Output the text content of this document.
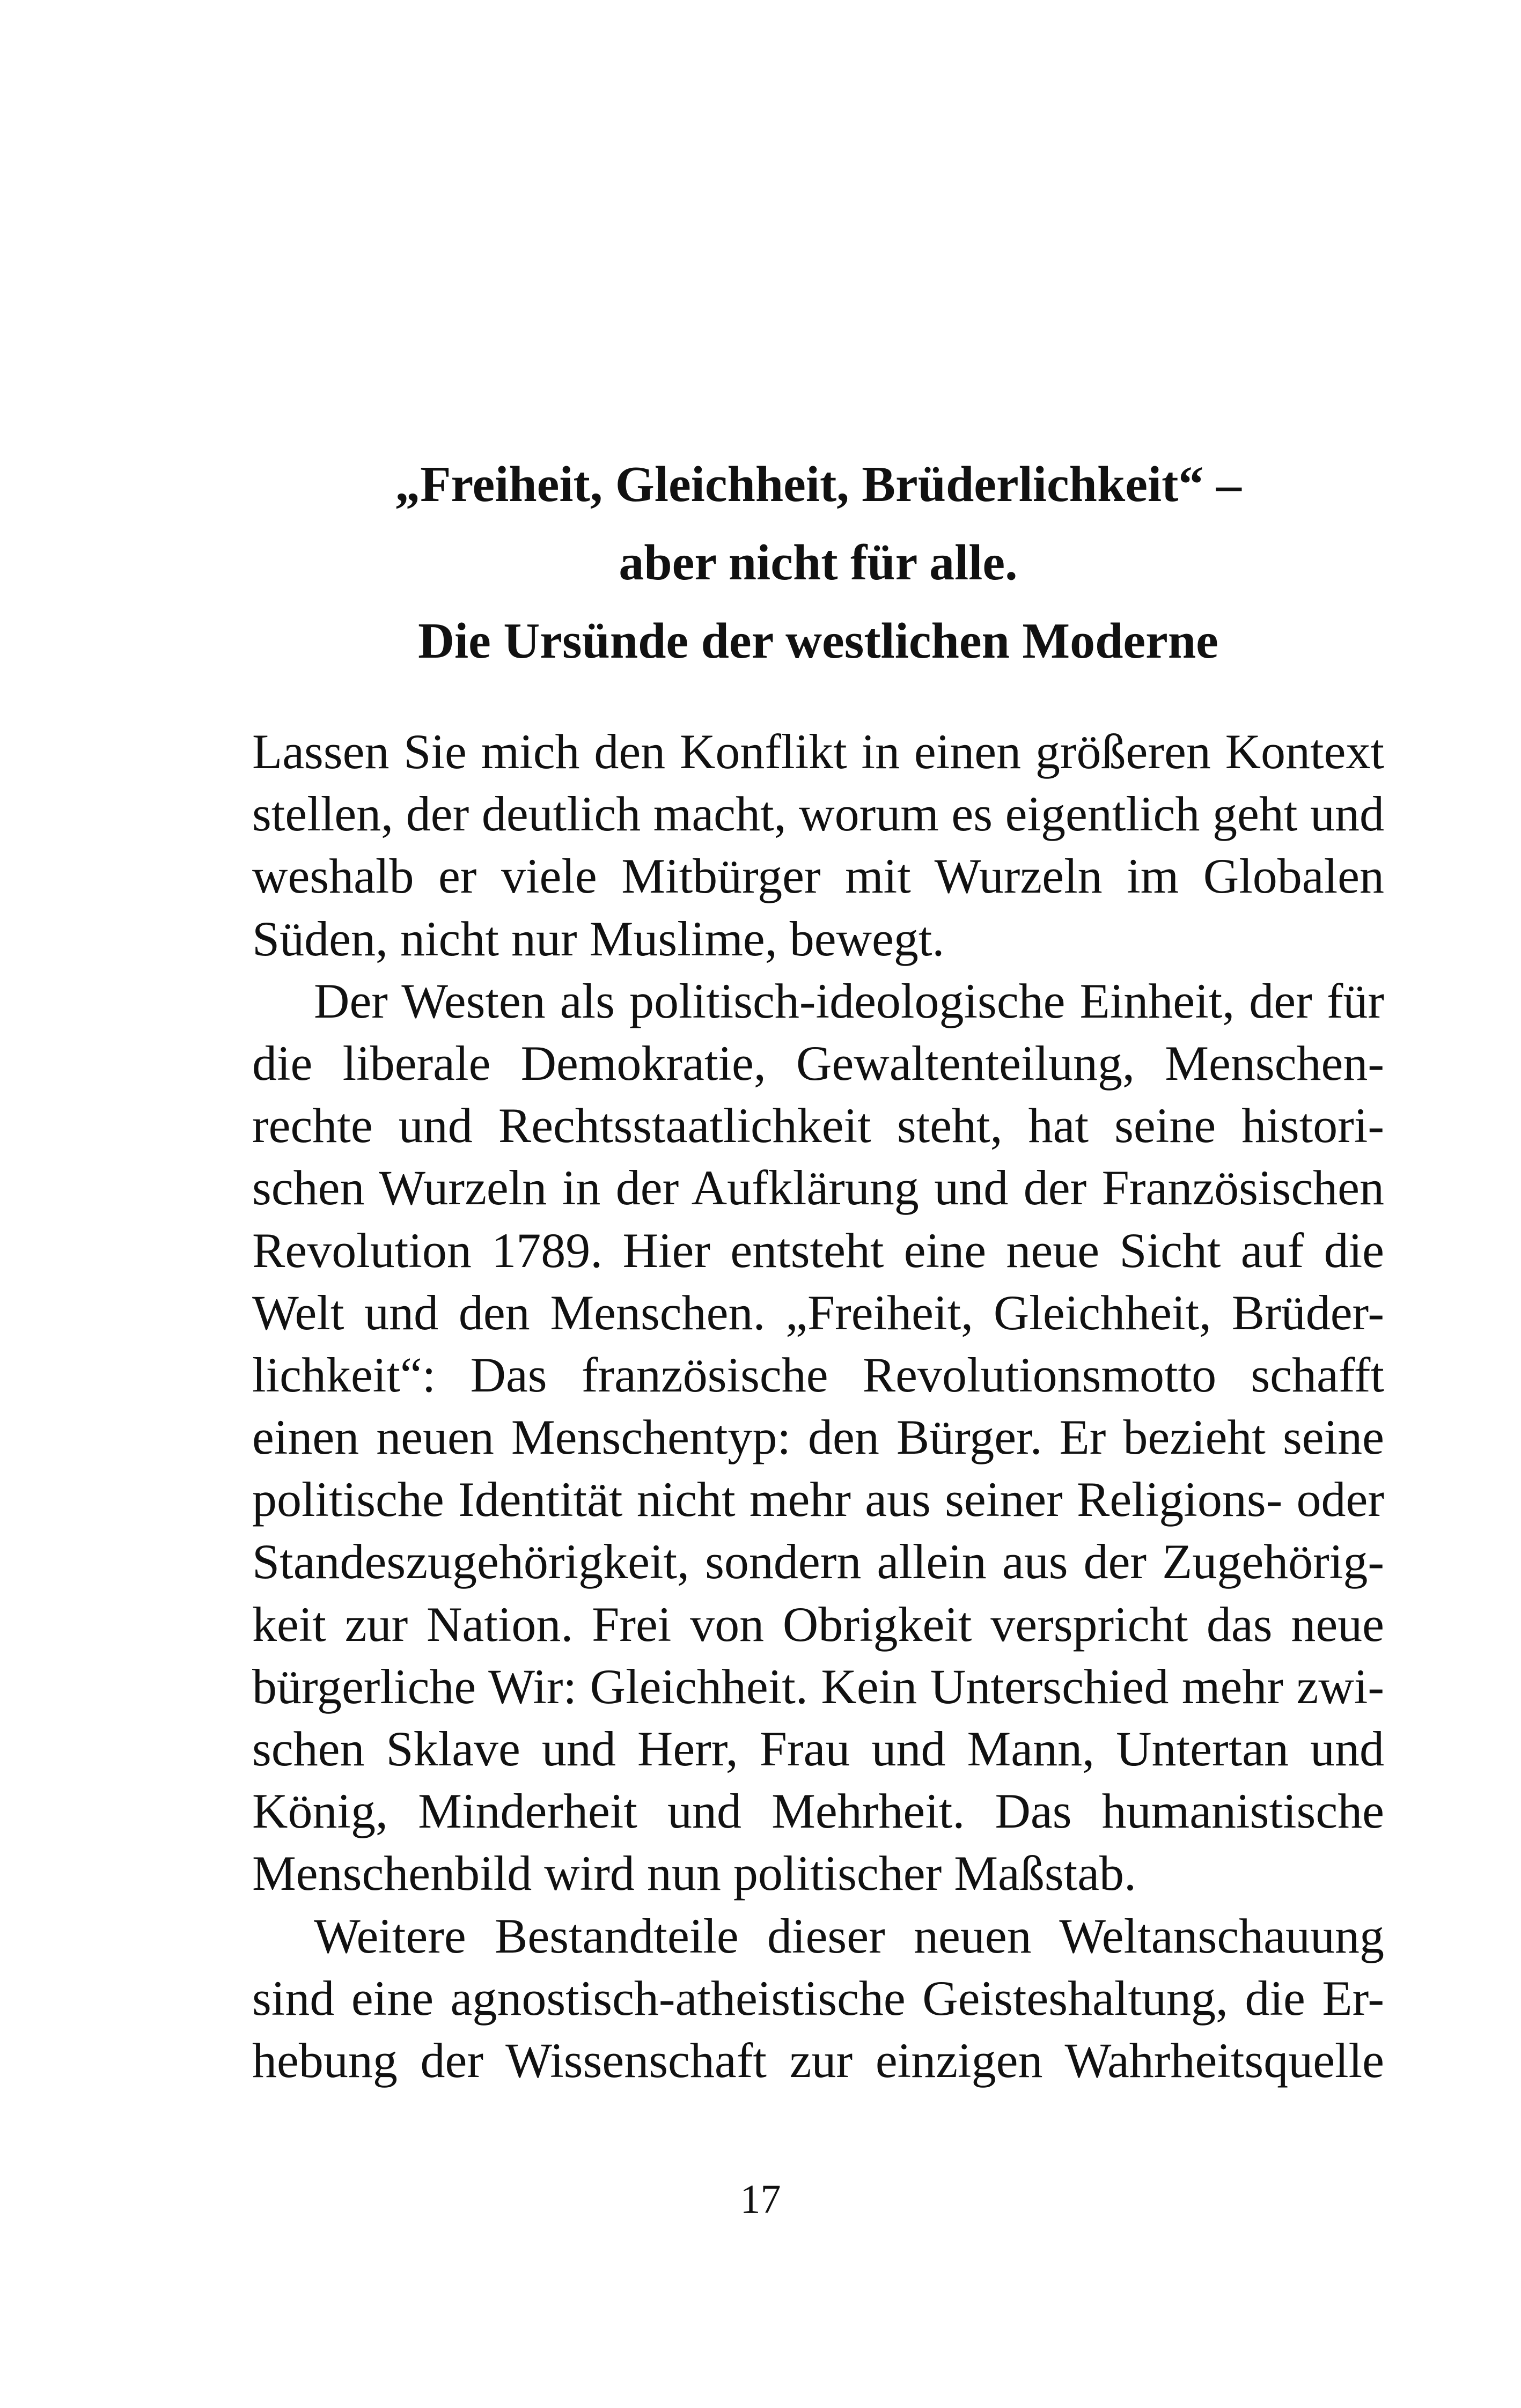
„Freiheit, Gleichheit, Brüderlichkeit“ –
aber nicht für alle.
Die Ursünde der westlichen Moderne
Lassen Sie mich den Konflikt in einen größeren Kontext
stellen, der deutlich macht, worum es eigentlich geht und
weshalb er viele Mitbürger mit Wurzeln im Globalen
Süden, nicht nur Muslime, bewegt.
Der Westen als politisch-ideologische Einheit, der für
die liberale Demokratie, Gewaltenteilung, Menschen-
rechte und Rechtsstaatlichkeit steht, hat seine histori-
schen Wurzeln in der Aufklärung und der Französischen
Revolution 1789. Hier entsteht eine neue Sicht auf die
Welt und den Menschen. „Freiheit, Gleichheit, Brüder-
lichkeit“: Das französische Revolutionsmotto schafft
einen neuen Menschentyp: den Bürger. Er bezieht seine
politische Identität nicht mehr aus seiner Religions- oder
Standeszugehörigkeit, sondern allein aus der Zugehörig-
keit zur Nation. Frei von Obrigkeit verspricht das neue
bürgerliche Wir: Gleichheit. Kein Unterschied mehr zwi-
schen Sklave und Herr, Frau und Mann, Untertan und
König, Minderheit und Mehrheit. Das humanistische
Menschenbild wird nun politischer Maßstab.
Weitere Bestandteile dieser neuen Weltanschauung
sind eine agnostisch-atheistische Geisteshaltung, die Er-
hebung der Wissenschaft zur einzigen Wahrheitsquelle
17
